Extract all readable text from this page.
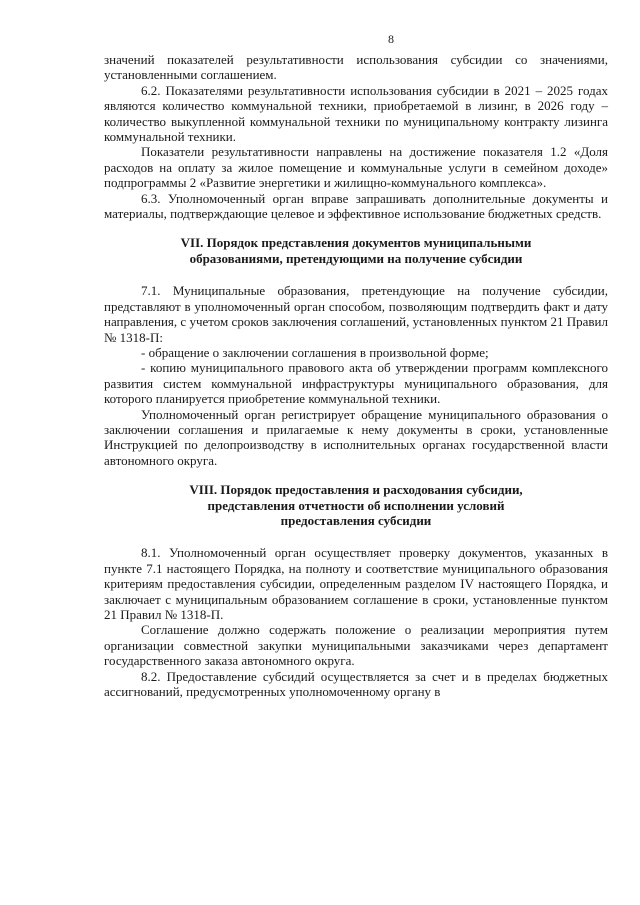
8

значений показателей результативности использования субсидии со значениями, установленными соглашением.

6.2. Показателями результативности использования субсидии в 2021 – 2025 годах являются количество коммунальной техники, приобретаемой в лизинг, в 2026 году – количество выкупленной коммунальной техники по муниципальному контракту лизинга коммунальной техники.

Показатели результативности направлены на достижение показателя 1.2 «Доля расходов на оплату за жилое помещение и коммунальные услуги в семейном доходе» подпрограммы 2 «Развитие энергетики и жилищно-коммунального комплекса».

6.3. Уполномоченный орган вправе запрашивать дополнительные документы и материалы, подтверждающие целевое и эффективное использование бюджетных средств.

VII. Порядок представления документов муниципальными
образованиями, претендующими на получение субсидии

7.1. Муниципальные образования, претендующие на получение субсидии, представляют в уполномоченный орган способом, позволяющим подтвердить факт и дату направления, с учетом сроков заключения соглашений, установленных пунктом 21 Правил № 1318-П:

- обращение о заключении соглашения в произвольной форме;

- копию муниципального правового акта об утверждении программ комплексного развития систем коммунальной инфраструктуры муниципального образования, для которого планируется приобретение коммунальной техники.

Уполномоченный орган регистрирует обращение муниципального образования о заключении соглашения и прилагаемые к нему документы в сроки, установленные Инструкцией по делопроизводству в исполнительных органах государственной власти автономного округа.

VIII. Порядок предоставления и расходования субсидии,
представления отчетности об исполнении условий
предоставления субсидии

8.1. Уполномоченный орган осуществляет проверку документов, указанных в пункте 7.1 настоящего Порядка, на полноту и соответствие муниципального образования критериям предоставления субсидии, определенным разделом IV настоящего Порядка, и заключает с муниципальным образованием соглашение в сроки, установленные пунктом 21 Правил № 1318-П.

Соглашение должно содержать положение о реализации мероприятия путем организации совместной закупки муниципальными заказчиками через департамент государственного заказа автономного округа.

8.2. Предоставление субсидий осуществляется за счет и в пределах бюджетных ассигнований, предусмотренных уполномоченному органу в
